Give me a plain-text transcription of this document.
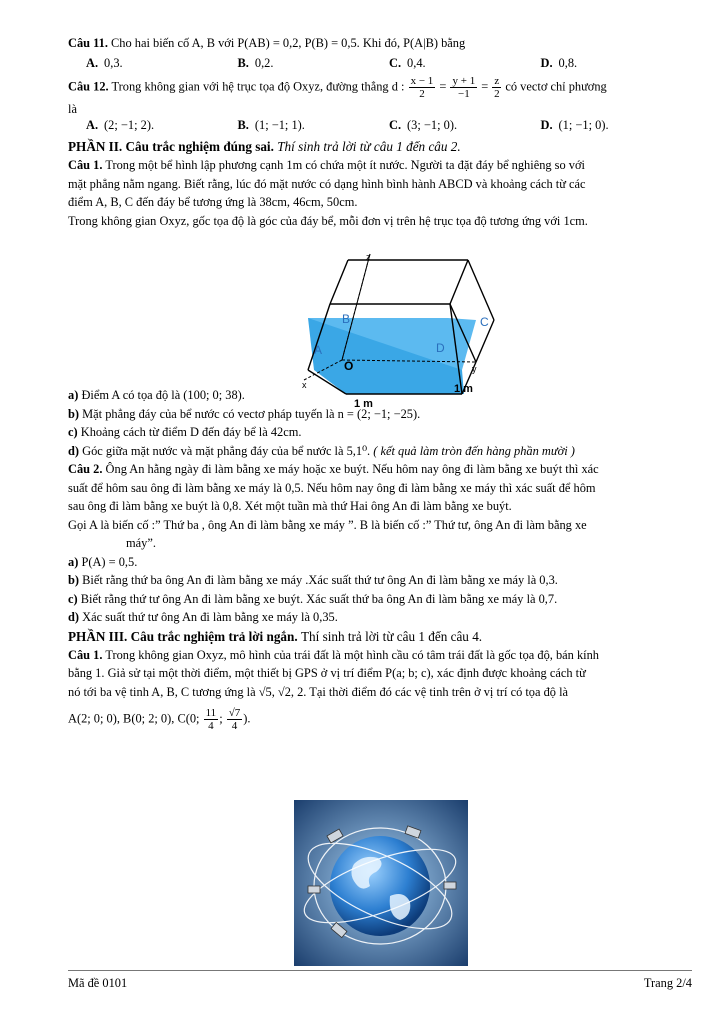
Câu 11. Cho hai biến cố A, B với P(AB) = 0,2, P(B) = 0,5. Khi đó, P(A|B) bằng

A. 0,3.	B. 0,2.	C. 0,4.	D. 0,8.

Câu 12. Trong không gian với hệ trục tọa độ Oxyz, đường thẳng d : $\frac{x - 1}{2} = \frac{y + 1}{-1} = \frac{z}{2}$ có vectơ chỉ phương

là

A. (2; −1; 2).	B. (1; −1; 1).	C. (3; −1; 0).	D. (1; −1; 0).

PHẦN II. Câu trắc nghiệm đúng sai. Thí sinh trả lời từ câu 1 đến câu 2.

Câu 1. Trong một bể hình lập phương cạnh 1m có chứa một ít nước. Người ta đặt đáy bể nghiêng so với

mặt phẳng nằm ngang. Biết rằng, lúc đó mặt nước có dạng hình bình hành ABCD và khoảng cách từ các

điểm A, B, C đến đáy bể tương ứng là 38cm, 46cm, 50cm.

Trong không gian Oxyz, gốc tọa độ là góc của đáy bể, mỗi đơn vị trên hệ trục tọa độ tương ứng với 1cm.

a) Điểm A có tọa độ là (100; 0; 38).

b) Mặt phẳng đáy của bể nước có vectơ pháp tuyến là n = (2; −1; −25).

c) Khoảng cách từ điểm D đến đáy bể là 42cm.

d) Góc giữa mặt nước và mặt phẳng đáy của bể nước là 5,1⁰. ( kết quả làm tròn đến hàng phần mười )

Câu 2. Ông An hằng ngày đi làm bằng xe máy hoặc xe buýt. Nếu hôm nay ông đi làm bằng xe buýt thì xác

suất để hôm sau ông đi làm bằng xe máy là 0,5. Nếu hôm nay ông đi làm bằng xe máy thì xác suất để hôm

sau ông đi làm bằng xe buýt là 0,8. Xét một tuần mà thứ Hai ông An đi làm bằng xe buýt.

Gọi A là biến cố :” Thứ ba , ông An đi làm bằng xe máy ”. B là biến cố :” Thứ tư, ông An đi làm bằng xe

máy”.

a) P(A) = 0,5.

b) Biết rằng thứ ba ông An đi làm bằng xe máy .Xác suất thứ tư ông An đi làm bằng xe máy là 0,3.

c) Biết rằng thứ tư ông An đi làm bằng xe buýt. Xác suất thứ ba ông An đi làm bằng xe máy là 0,7.

d) Xác suất thứ tư ông An đi làm bằng xe máy là 0,35.

PHẦN III. Câu trắc nghiệm trả lời ngắn. Thí sinh trả lời từ câu 1 đến câu 4.

Câu 1. Trong không gian Oxyz, mô hình của trái đất là một hình cầu có tâm trái đất là gốc tọa độ, bán kính

bằng 1. Giả sử tại một thời điểm, một thiết bị GPS ở vị trí điểm P(a; b; c), xác định được khoảng cách từ

nó tới ba vệ tinh A, B, C tương ứng là √5, √2, 2. Tại thời điểm đó các vệ tinh trên ở vị trí có tọa độ là

A(2; 0; 0), B(0; 2; 0), C(0; $\frac{11}{4}$ ; $\frac{√7}{4}$ ).

z
y
x
A
B	C
D
O
1 m
1 m
Mã đề 0101	Trang 2/4
